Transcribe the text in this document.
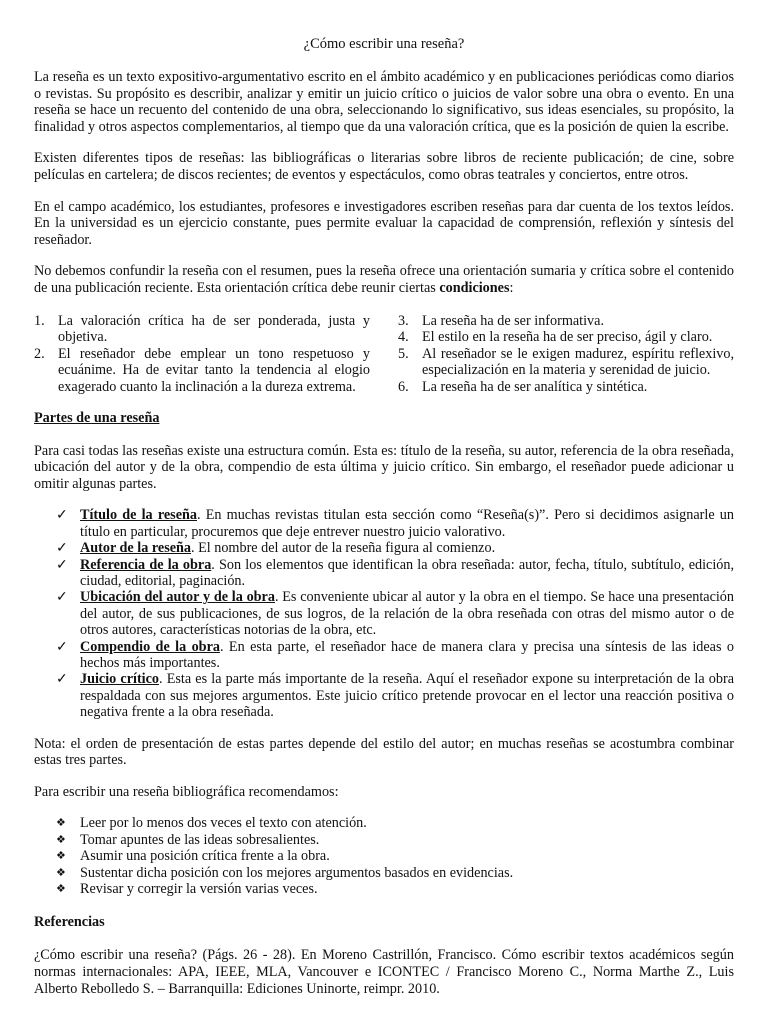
¿Cómo escribir una reseña?

La reseña es un texto expositivo-argumentativo escrito en el ámbito académico y en publicaciones periódicas como diarios o revistas. Su propósito es describir, analizar y emitir un juicio crítico o juicios de valor sobre una obra o evento. En una reseña se hace un recuento del contenido de una obra, seleccionando lo significativo, sus ideas esenciales, su propósito, la finalidad y otros aspectos complementarios, al tiempo que da una valoración crítica, que es la posición de quien la escribe.

Existen diferentes tipos de reseñas: las bibliográficas o literarias sobre libros de reciente publicación; de cine, sobre películas en cartelera; de discos recientes; de eventos y espectáculos, como obras teatrales y conciertos, entre otros.

En el campo académico, los estudiantes, profesores e investigadores escriben reseñas para dar cuenta de los textos leídos. En la universidad es un ejercicio constante, pues permite evaluar la capacidad de comprensión, reflexión y síntesis del reseñador.

No debemos confundir la reseña con el resumen, pues la reseña ofrece una orientación sumaria y crítica sobre el contenido de una publicación reciente. Esta orientación crítica debe reunir ciertas condiciones:

1. La valoración crítica ha de ser ponderada, justa y objetiva.
2. El reseñador debe emplear un tono respetuoso y ecuánime. Ha de evitar tanto la tendencia al elogio exagerado cuanto la inclinación a la dureza extrema.
3. La reseña ha de ser informativa.
4. El estilo en la reseña ha de ser preciso, ágil y claro.
5. Al reseñador se le exigen madurez, espíritu reflexivo, especialización en la materia y serenidad de juicio.
6. La reseña ha de ser analítica y sintética.
Partes de una reseña

Para casi todas las reseñas existe una estructura común. Esta es: título de la reseña, su autor, referencia de la obra reseñada, ubicación del autor y de la obra, compendio de esta última y juicio crítico. Sin embargo, el reseñador puede adicionar u omitir algunas partes.

✓ Título de la reseña. En muchas revistas titulan esta sección como “Reseña(s)”. Pero si decidimos asignarle un título en particular, procuremos que deje entrever nuestro juicio valorativo.
✓ Autor de la reseña. El nombre del autor de la reseña figura al comienzo.
✓ Referencia de la obra. Son los elementos que identifican la obra reseñada: autor, fecha, título, subtítulo, edición, ciudad, editorial, paginación.
✓ Ubicación del autor y de la obra. Es conveniente ubicar al autor y la obra en el tiempo. Se hace una presentación del autor, de sus publicaciones, de sus logros, de la relación de la obra reseñada con otras del mismo autor o de otros autores, características notorias de la obra, etc.
✓ Compendio de la obra. En esta parte, el reseñador hace de manera clara y precisa una síntesis de las ideas o hechos más importantes.
✓ Juicio crítico. Esta es la parte más importante de la reseña. Aquí el reseñador expone su interpretación de la obra respaldada con sus mejores argumentos. Este juicio crítico pretende provocar en el lector una reacción positiva o negativa frente a la obra reseñada.

Nota: el orden de presentación de estas partes depende del estilo del autor; en muchas reseñas se acostumbra combinar estas tres partes.

Para escribir una reseña bibliográfica recomendamos:

❖ Leer por lo menos dos veces el texto con atención.
❖ Tomar apuntes de las ideas sobresalientes.
❖ Asumir una posición crítica frente a la obra.
❖ Sustentar dicha posición con los mejores argumentos basados en evidencias.
❖ Revisar y corregir la versión varias veces.
Referencias

¿Cómo escribir una reseña? (Págs. 26 - 28). En Moreno Castrillón, Francisco. Cómo escribir textos académicos según normas internacionales: APA, IEEE, MLA, Vancouver e ICONTEC / Francisco Moreno C., Norma Marthe Z., Luis Alberto Rebolledo S. – Barranquilla: Ediciones Uninorte, reimpr. 2010.
